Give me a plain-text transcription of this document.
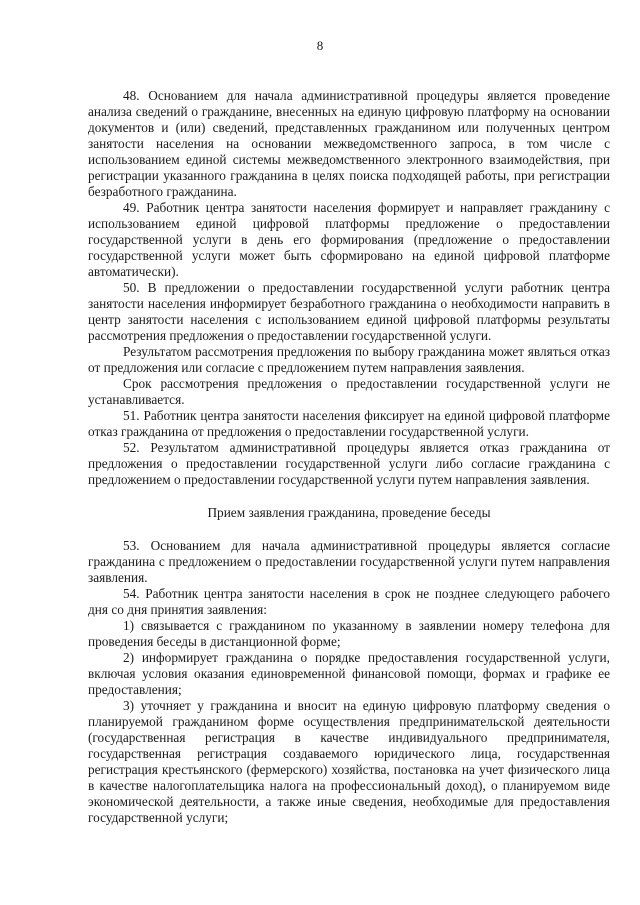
8

48. Основанием для начала административной процедуры является проведение анализа сведений о гражданине, внесенных на единую цифровую платформу на основании документов и (или) сведений, представленных гражданином или полученных центром занятости населения на основании межведомственного запроса, в том числе с использованием единой системы межведомственного электронного взаимодействия, при регистрации указанного гражданина в целях поиска подходящей работы, при регистрации безработного гражданина.

49. Работник центра занятости населения формирует и направляет гражданину с использованием единой цифровой платформы предложение о предоставлении государственной услуги в день его формирования (предложение о предоставлении государственной услуги может быть сформировано на единой цифровой платформе автоматически).

50. В предложении о предоставлении государственной услуги работник центра занятости населения информирует безработного гражданина о необходимости направить в центр занятости населения с использованием единой цифровой платформы результаты рассмотрения предложения о предоставлении государственной услуги.

Результатом рассмотрения предложения по выбору гражданина может являться отказ от предложения или согласие с предложением путем направления заявления.

Срок рассмотрения предложения о предоставлении государственной услуги не устанавливается.

51. Работник центра занятости населения фиксирует на единой цифровой платформе отказ гражданина от предложения о предоставлении государственной услуги.

52. Результатом административной процедуры является отказ гражданина от предложения о предоставлении государственной услуги либо согласие гражданина с предложением о предоставлении государственной услуги путем направления заявления.

Прием заявления гражданина, проведение беседы

53. Основанием для начала административной процедуры является согласие гражданина с предложением о предоставлении государственной услуги путем направления заявления.

54. Работник центра занятости населения в срок не позднее следующего рабочего дня со дня принятия заявления:

1) связывается с гражданином по указанному в заявлении номеру телефона для проведения беседы в дистанционной форме;

2) информирует гражданина о порядке предоставления государственной услуги, включая условия оказания единовременной финансовой помощи, формах и графике ее предоставления;

3) уточняет у гражданина и вносит на единую цифровую платформу сведения о планируемой гражданином форме осуществления предпринимательской деятельности (государственная регистрация в качестве индивидуального предпринимателя, государственная регистрация создаваемого юридического лица, государственная регистрация крестьянского (фермерского) хозяйства, постановка на учет физического лица в качестве налогоплательщика налога на профессиональный доход), о планируемом виде экономической деятельности, а также иные сведения, необходимые для предоставления государственной услуги;
